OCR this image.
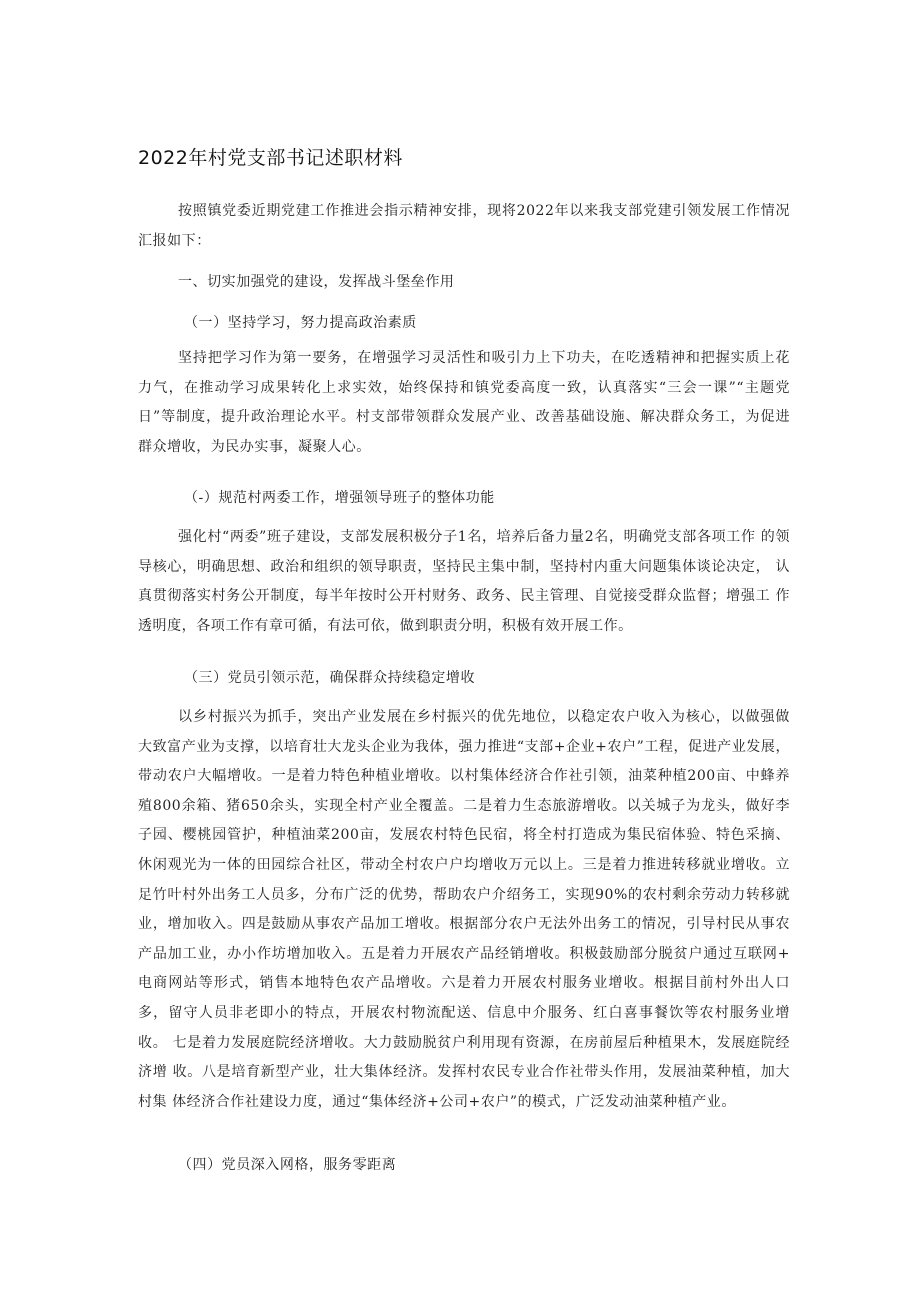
2022年村党支部书记述职材料

按照镇党委近期党建工作推进会指示精神安排，现将2022年以来我支部党建引领发展工作情况 汇报如下：

一、切实加强党的建设，发挥战斗堡垒作用

（一）坚持学习，努力提高政治素质

坚持把学习作为第一要务，在增强学习灵活性和吸引力上下功夫，在吃透精神和把握实质上花 力气，在推动学习成果转化上求实效，始终保持和镇党委高度一致，认真落实“三会一课”“主题党 日”等制度，提升政治理论水平。村支部带领群众发展产业、改善基础设施、解决群众务工，为促进 群众增收，为民办实事，凝聚人心。

（-）规范村两委工作，增强领导班子的整体功能

强化村“两委”班子建设，支部发展积极分子1名，培养后备力量2名，明确党支部各项工作 的领导核心，明确思想、政治和组织的领导职责，坚持民主集中制，坚持村内重大问题集体谈论决定， 认真贯彻落实村务公开制度，每半年按时公开村财务、政务、民主管理、自觉接受群众监督；增强工 作透明度，各项工作有章可循，有法可依，做到职责分明，积极有效开展工作。

（三）党员引领示范，确保群众持续稳定增收

以乡村振兴为抓手，突出产业发展在乡村振兴的优先地位，以稳定农户收入为核心，以做强做 大致富产业为支撑，以培育壮大龙头企业为我体，强力推进“支部+企业+农户”工程，促进产业发展， 带动农户大幅增收。一是着力特色种植业增收。以村集体经济合作社引领，油菜种植200亩、中蜂养 殖800余箱、猪650余头，实现全村产业全覆盖。二是着力生态旅游增收。以关城子为龙头，做好李 子园、樱桃园管护，种植油菜200亩，发展农村特色民宿，将全村打造成为集民宿体验、特色采摘、 休闲观光为一体的田园综合社区，带动全村农户户均增收万元以上。三是着力推进转移就业增收。立 足竹叶村外出务工人员多，分布广泛的优势，帮助农户介绍务工，实现90%的农村剩余劳动力转移就 业，增加收入。四是鼓励从事农产品加工增收。根据部分农户无法外出务工的情况，引导村民从事农 产品加工业，办小作坊增加收入。五是着力开展农产品经销增收。积极鼓励部分脱贫户通过互联网+ 电商网站等形式，销售本地特色农产品增收。六是着力开展农村服务业增收。根据目前村外出人口 多，留守人员非老即小的特点，开展农村物流配送、信息中介服务、红白喜事餐饮等农村服务业增收。 七是着力发展庭院经济增收。大力鼓励脱贫户利用现有资源，在房前屋后种植果木，发展庭院经济增 收。八是培育新型产业，壮大集体经济。发挥村农民专业合作社带头作用，发展油菜种植，加大村集 体经济合作社建设力度，通过“集体经济+公司+农户”的模式，广泛发动油菜种植产业。

（四）党员深入网格，服务零距离
